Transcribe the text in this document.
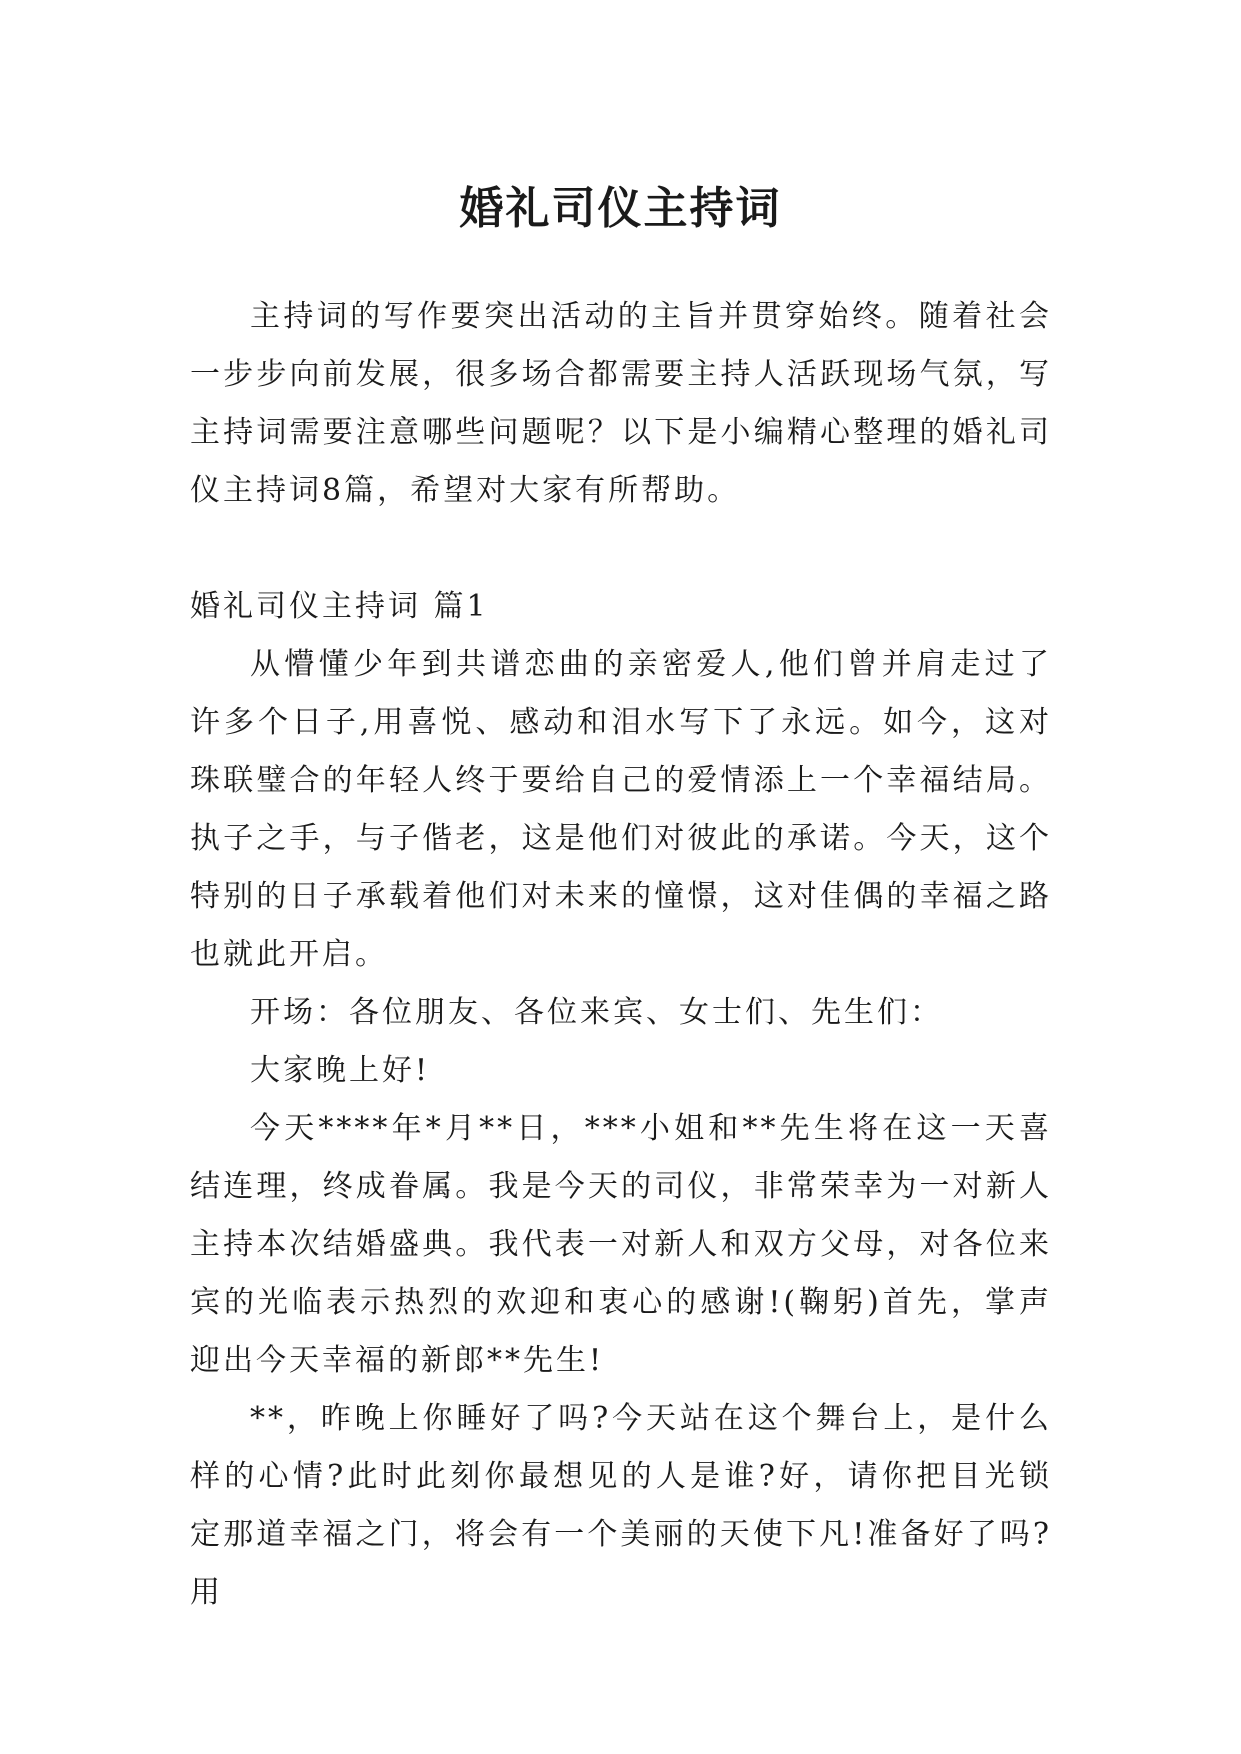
婚礼司仪主持词

主持词的写作要突出活动的主旨并贯穿始终。随着社会一步步向前发展，很多场合都需要主持人活跃现场气氛，写主持词需要注意哪些问题呢？以下是小编精心整理的婚礼司仪主持词8篇，希望对大家有所帮助。

婚礼司仪主持词 篇1

从懵懂少年到共谱恋曲的亲密爱人,他们曾并肩走过了许多个日子,用喜悦、感动和泪水写下了永远。如今，这对珠联璧合的年轻人终于要给自己的爱情添上一个幸福结局。执子之手，与子偕老，这是他们对彼此的承诺。今天，这个特别的日子承载着他们对未来的憧憬，这对佳偶的幸福之路也就此开启。

开场：各位朋友、各位来宾、女士们、先生们：

大家晚上好!

今天****年*月**日，***小姐和**先生将在这一天喜结连理，终成眷属。我是今天的司仪，非常荣幸为一对新人主持本次结婚盛典。我代表一对新人和双方父母，对各位来宾的光临表示热烈的欢迎和衷心的感谢!(鞠躬)首先，掌声迎出今天幸福的新郎**先生!

**，昨晚上你睡好了吗?今天站在这个舞台上，是什么样的心情?此时此刻你最想见的人是谁?好，请你把目光锁定那道幸福之门，将会有一个美丽的天使下凡!准备好了吗?用
